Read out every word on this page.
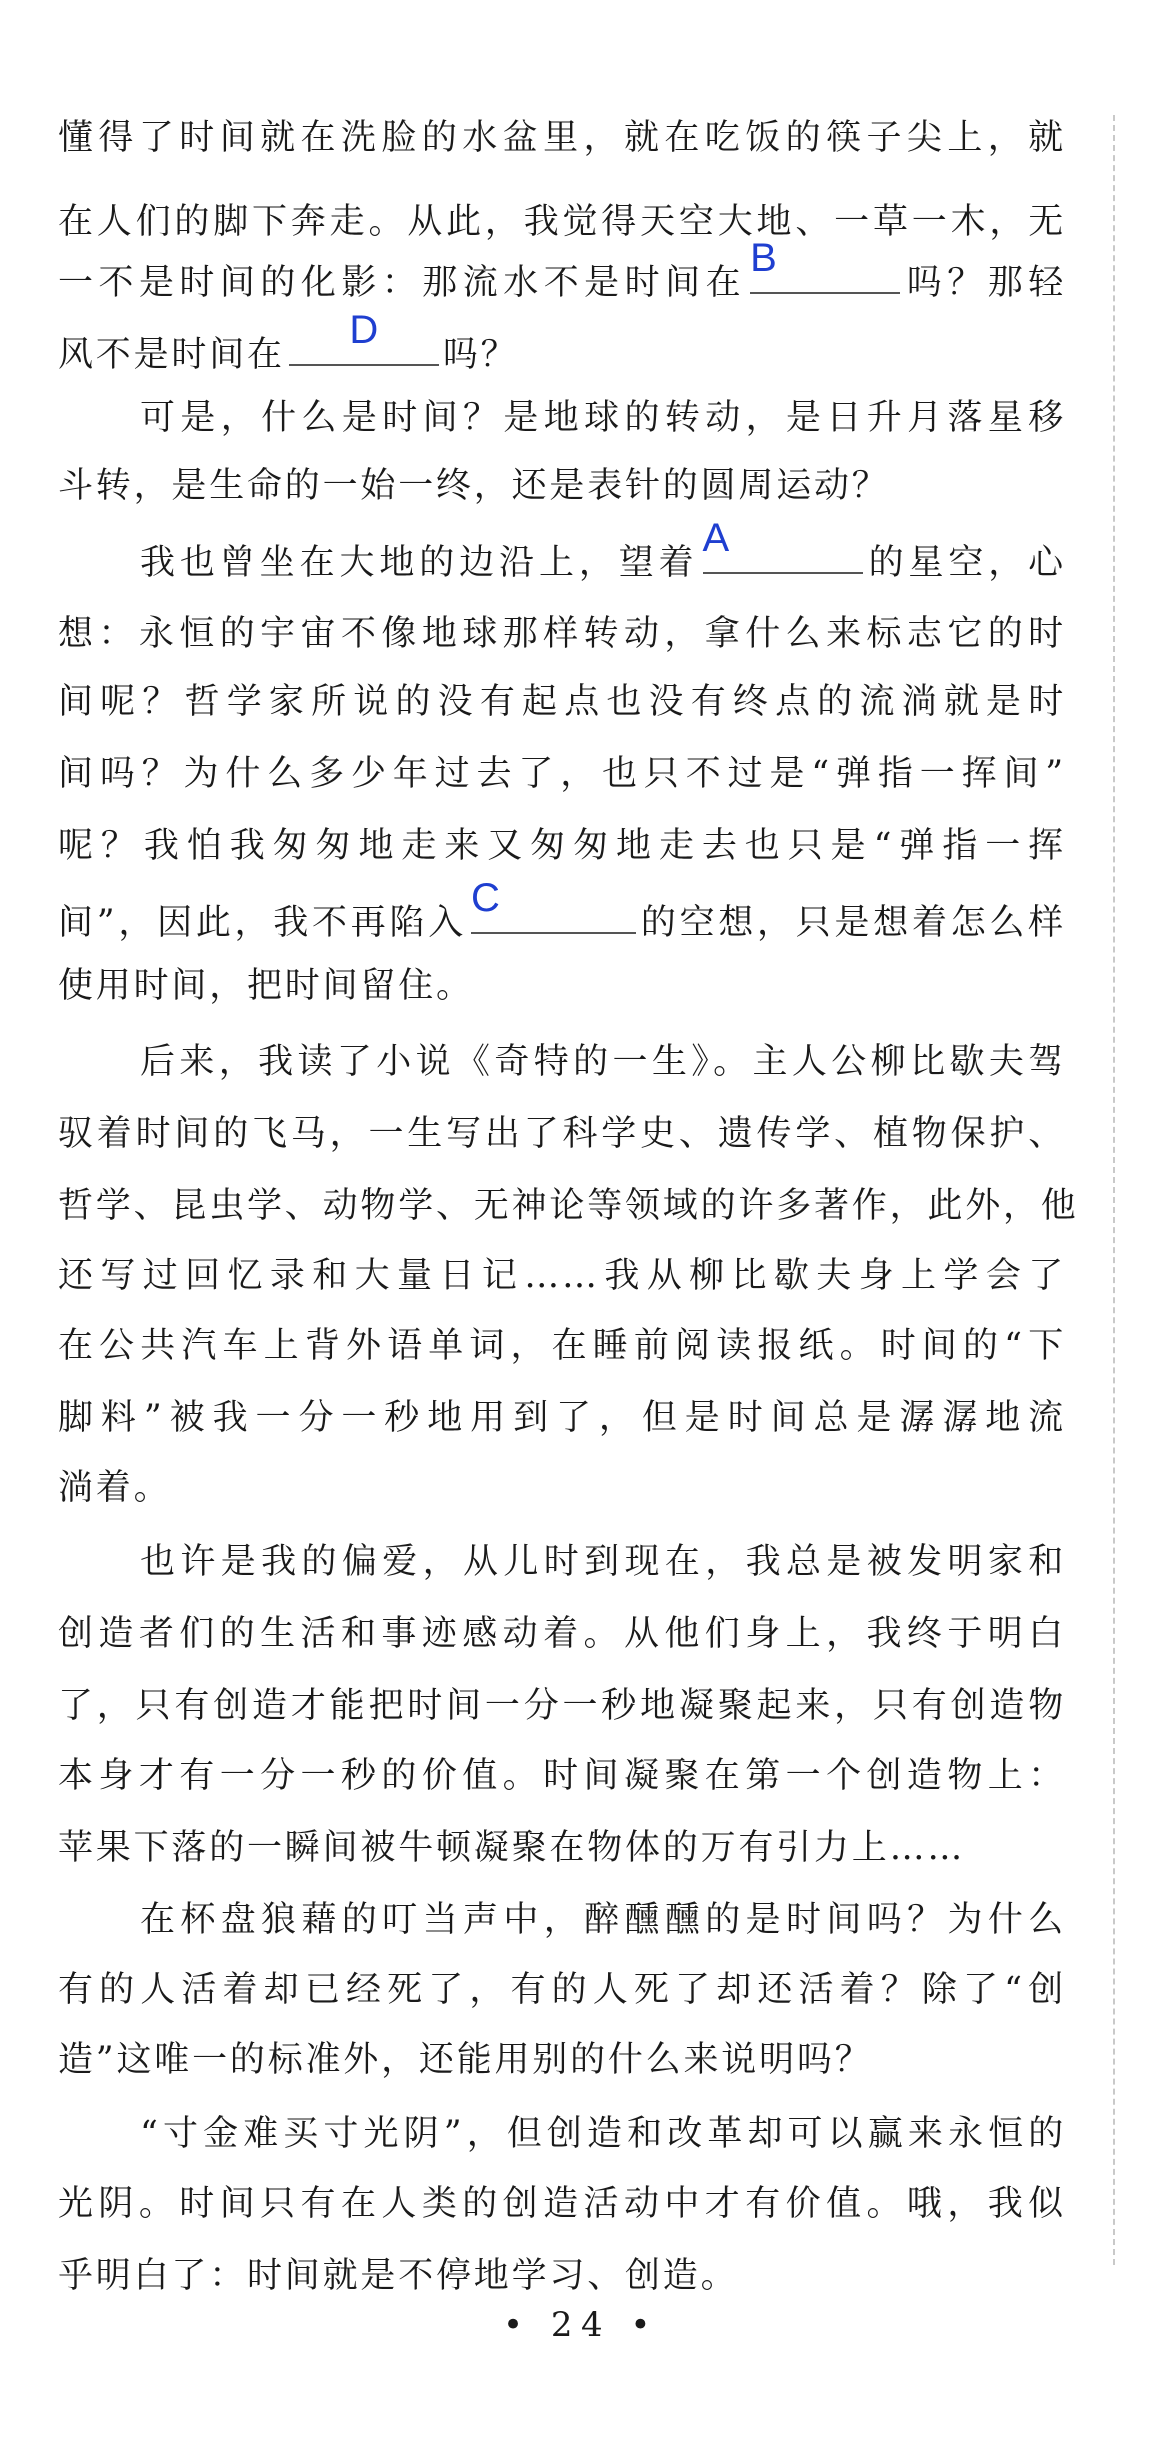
懂得了时间就在洗脸的水盆里，就在吃饭的筷子尖上，就
在人们的脚下奔走。从此，我觉得天空大地、一草一木，无
一不是时间的化影：那流水不是时间在
B
吗？那轻
风不是时间在
D
吗？
可是，什么是时间？是地球的转动，是日升月落星移
斗转，是生命的一始一终，还是表针的圆周运动？
我也曾坐在大地的边沿上，望着
A
的星空，心
想：永恒的宇宙不像地球那样转动，拿什么来标志它的时
间呢？哲学家所说的没有起点也没有终点的流淌就是时
间吗？为什么多少年过去了，也只不过是“弹指一挥间”
呢？我怕我匆匆地走来又匆匆地走去也只是“弹指一挥
间”，因此，我不再陷入
C
的空想，只是想着怎么样
使用时间，把时间留住。
后来，我读了小说《奇特的一生》。主人公柳比歇夫驾
驭着时间的飞马，一生写出了科学史、遗传学、植物保护、
哲学、昆虫学、动物学、无神论等领域的许多著作，此外，他
还写过回忆录和大量日记……我从柳比歇夫身上学会了
在公共汽车上背外语单词，在睡前阅读报纸。时间的“下
脚料”被我一分一秒地用到了，但是时间总是潺潺地流
淌着。
也许是我的偏爱，从儿时到现在，我总是被发明家和
创造者们的生活和事迹感动着。从他们身上，我终于明白
了，只有创造才能把时间一分一秒地凝聚起来，只有创造物
本身才有一分一秒的价值。时间凝聚在第一个创造物上：
苹果下落的一瞬间被牛顿凝聚在物体的万有引力上……
在杯盘狼藉的叮当声中，醉醺醺的是时间吗？为什么
有的人活着却已经死了，有的人死了却还活着？除了“创
造”这唯一的标准外，还能用别的什么来说明吗？
“寸金难买寸光阴”，但创造和改革却可以赢来永恒的
光阴。时间只有在人类的创造活动中才有价值。哦，我似
乎明白了：时间就是不停地学习、创造。
• 24 •
